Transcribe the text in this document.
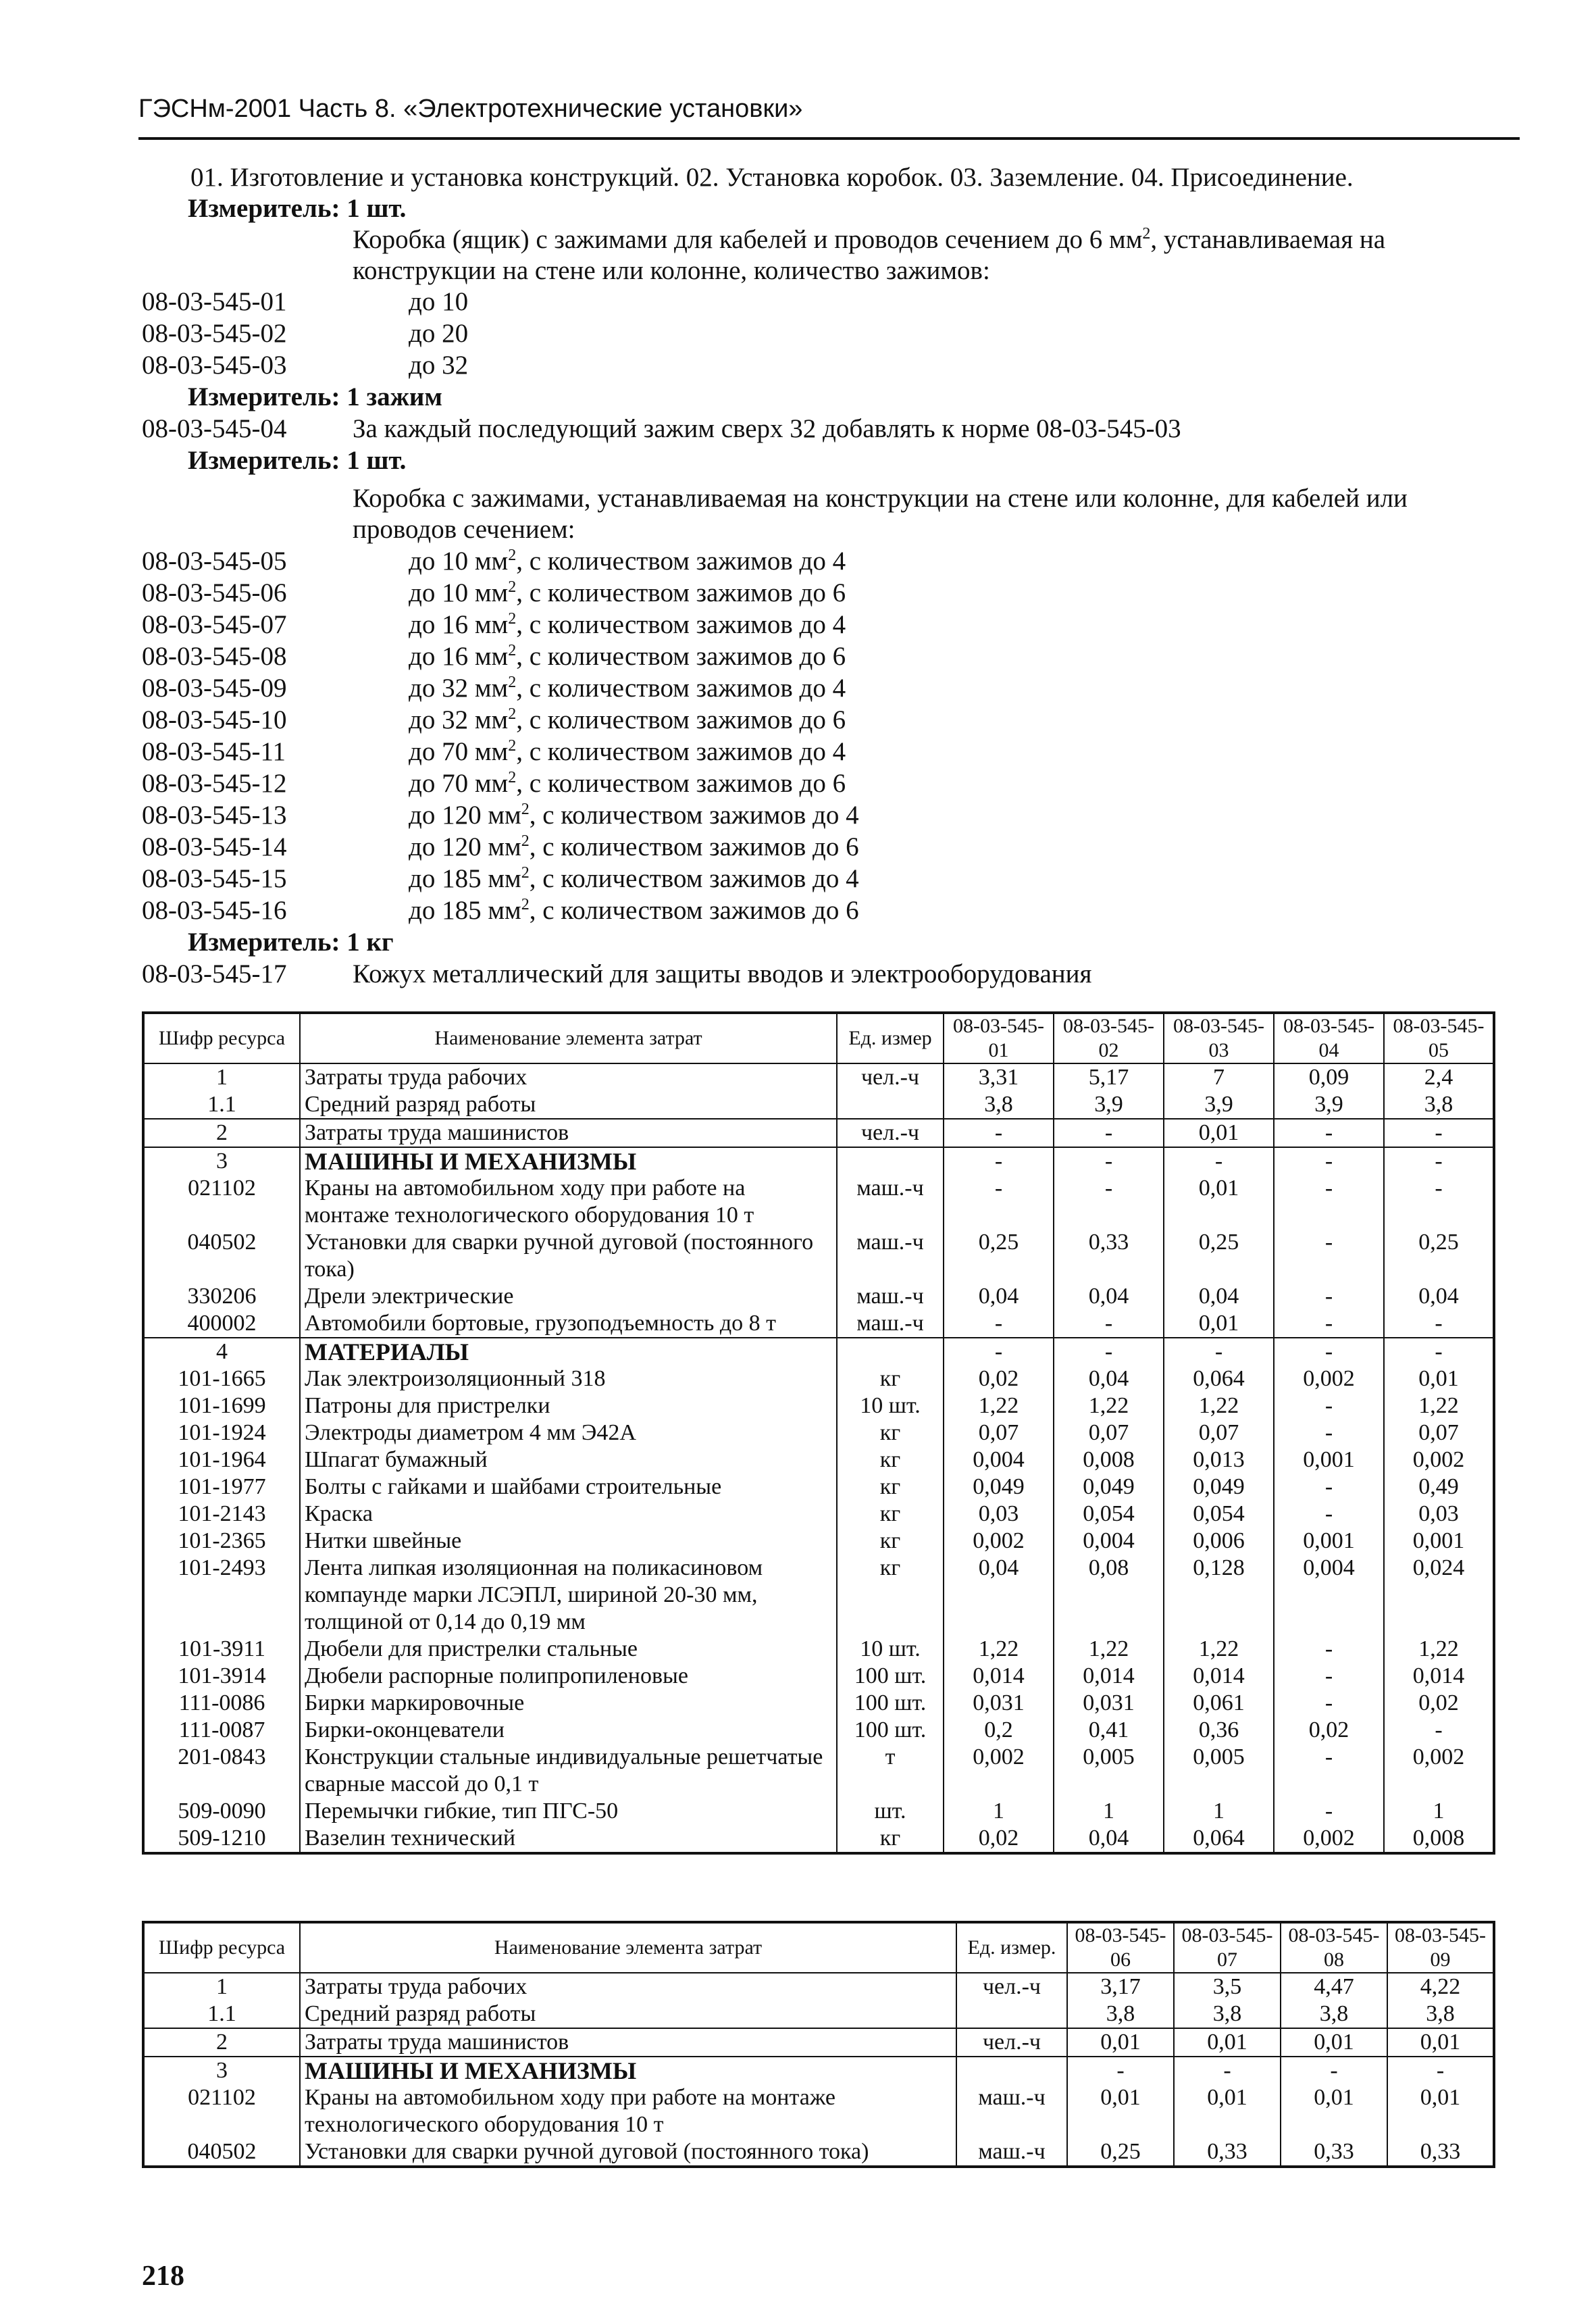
ГЭСНм-2001 Часть 8. «Электротехнические установки»
01. Изготовление и установка конструкций. 02. Установка коробок. 03. Заземление. 04. Присоединение.
Измеритель: 1 шт.
Коробка (ящик) с зажимами для кабелей и проводов сечением до 6 $мм^2$, устанавливаемая на
конструкции на стене или колонне, количество зажимов:
08-03-545-01	до 10
08-03-545-02	до 20
08-03-545-03	до 32
Измеритель: 1 зажим
08-03-545-04	За каждый последующий зажим сверх 32 добавлять к норме 08-03-545-03
Измеритель: 1 шт.
Коробка с зажимами, устанавливаемая на конструкции на стене или колонне, для кабелей или
проводов сечением:
08-03-545-05	до 10 $мм^2$, с количеством зажимов до 4
08-03-545-06	до 10 $мм^2$, с количеством зажимов до 6
08-03-545-07	до 16 $мм^2$, с количеством зажимов до 4
08-03-545-08	до 16 $мм^2$, с количеством зажимов до 6
08-03-545-09	до 32 $мм^2$, с количеством зажимов до 4
08-03-545-10	до 32 $мм^2$, с количеством зажимов до 6
08-03-545-11	до 70 $мм^2$, с количеством зажимов до 4
08-03-545-12	до 70 $мм^2$, с количеством зажимов до 6
08-03-545-13	до 120 $мм^2$, с количеством зажимов до 4
08-03-545-14	до 120 $мм^2$, с количеством зажимов до 6
08-03-545-15	до 185 $мм^2$, с количеством зажимов до 4
08-03-545-16	до 185 $мм^2$, с количеством зажимов до 6
Измеритель: 1 кг
08-03-545-17	Кожух металлический для защиты вводов и электрооборудования
Шифр ресурса	Наименование элемента затрат	Ед. измер	08-03-545-01	08-03-545-02	08-03-545-03	08-03-545-04	08-03-545-05
1	Затраты труда рабочих	чел.-ч	3,31	5,17	7	0,09	2,4
1.1	Средний разряд работы		3,8	3,9	3,9	3,9	3,8
2	Затраты труда машинистов	чел.-ч	-	-	0,01	-	-
3	МАШИНЫ И МЕХАНИЗМЫ		-	-	-	-	-
021102	Краны на автомобильном ходу при работе на монтаже технологического оборудования 10 т	маш.-ч	-	-	0,01	-	-
040502	Установки для сварки ручной дуговой (постоянного тока)	маш.-ч	0,25	0,33	0,25	-	0,25
330206	Дрели электрические	маш.-ч	0,04	0,04	0,04	-	0,04
400002	Автомобили бортовые, грузоподъемность до 8 т	маш.-ч	-	-	0,01	-	-
4	МАТЕРИАЛЫ		-	-	-	-	-
101-1665	Лак электроизоляционный 318	кг	0,02	0,04	0,064	0,002	0,01
101-1699	Патроны для пристрелки	10 шт.	1,22	1,22	1,22	-	1,22
101-1924	Электроды диаметром 4 мм Э42А	кг	0,07	0,07	0,07	-	0,07
101-1964	Шпагат бумажный	кг	0,004	0,008	0,013	0,001	0,002
101-1977	Болты с гайками и шайбами строительные	кг	0,049	0,049	0,049	-	0,49
101-2143	Краска	кг	0,03	0,054	0,054	-	0,03
101-2365	Нитки швейные	кг	0,002	0,004	0,006	0,001	0,001
101-2493	Лента липкая изоляционная на поликасиновом компаунде марки ЛСЭПЛ, шириной 20-30 мм, толщиной от 0,14 до 0,19 мм	кг	0,04	0,08	0,128	0,004	0,024
101-3911	Дюбели для пристрелки стальные	10 шт.	1,22	1,22	1,22	-	1,22
101-3914	Дюбели распорные полипропиленовые	100 шт.	0,014	0,014	0,014	-	0,014
111-0086	Бирки маркировочные	100 шт.	0,031	0,031	0,061	-	0,02
111-0087	Бирки-оконцеватели	100 шт.	0,2	0,41	0,36	0,02	-
201-0843	Конструкции стальные индивидуальные решетчатые сварные массой до 0,1 т	т	0,002	0,005	0,005	-	0,002
509-0090	Перемычки гибкие, тип ПГС-50	шт.	1	1	1	-	1
509-1210	Вазелин технический	кг	0,02	0,04	0,064	0,002	0,008
Шифр ресурса	Наименование элемента затрат	Ед. измер.	08-03-545-06	08-03-545-07	08-03-545-08	08-03-545-09
1	Затраты труда рабочих	чел.-ч	3,17	3,5	4,47	4,22
1.1	Средний разряд работы		3,8	3,8	3,8	3,8
2	Затраты труда машинистов	чел.-ч	0,01	0,01	0,01	0,01
3	МАШИНЫ И МЕХАНИЗМЫ		-	-	-	-
021102	Краны на автомобильном ходу при работе на монтаже технологического оборудования 10 т	маш.-ч	0,01	0,01	0,01	0,01
040502	Установки для сварки ручной дуговой (постоянного тока)	маш.-ч	0,25	0,33	0,33	0,33
218
